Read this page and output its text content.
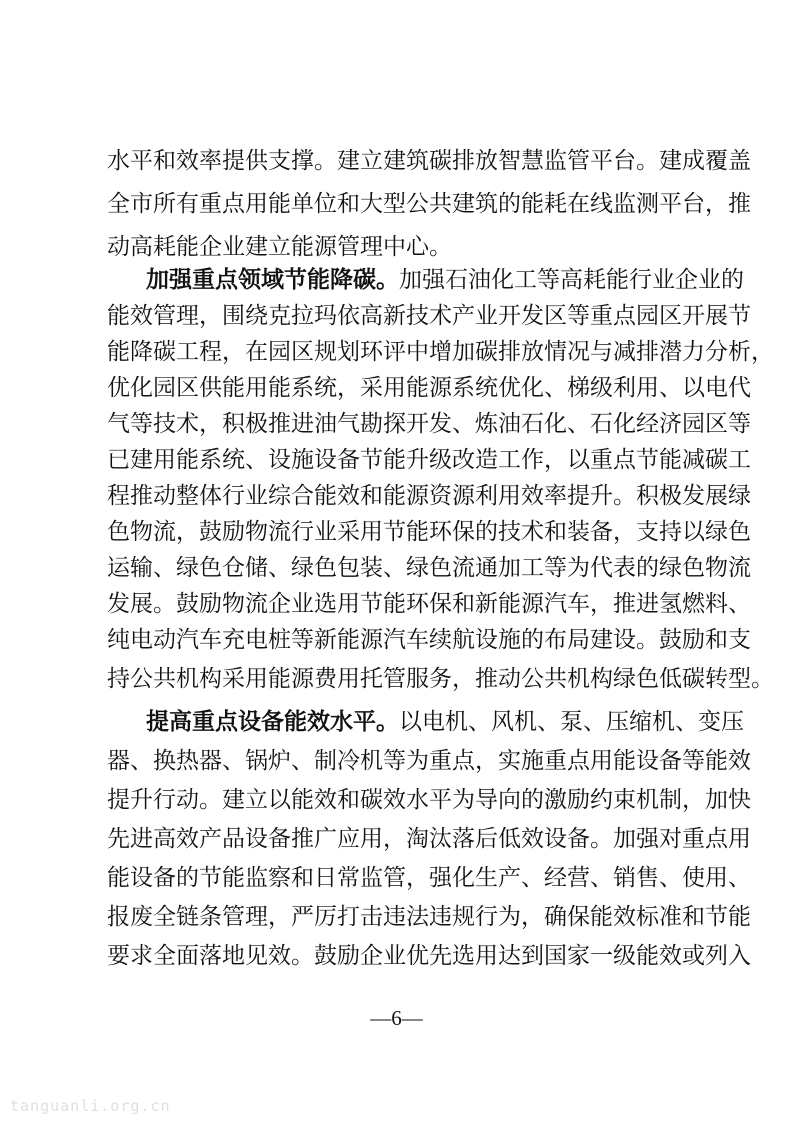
水平和效率提供支撑。建立建筑碳排放智慧监管平台。建成覆盖
全市所有重点用能单位和大型公共建筑的能耗在线监测平台，推
动高耗能企业建立能源管理中心。
加强重点领域节能降碳。加强石油化工等高耗能行业企业的
能效管理，围绕克拉玛依高新技术产业开发区等重点园区开展节
能降碳工程，在园区规划环评中增加碳排放情况与减排潜力分析，
优化园区供能用能系统，采用能源系统优化、梯级利用、以电代
气等技术，积极推进油气勘探开发、炼油石化、石化经济园区等
已建用能系统、设施设备节能升级改造工作，以重点节能减碳工
程推动整体行业综合能效和能源资源利用效率提升。积极发展绿
色物流，鼓励物流行业采用节能环保的技术和装备，支持以绿色
运输、绿色仓储、绿色包装、绿色流通加工等为代表的绿色物流
发展。鼓励物流企业选用节能环保和新能源汽车，推进氢燃料、
纯电动汽车充电桩等新能源汽车续航设施的布局建设。鼓励和支
持公共机构采用能源费用托管服务，推动公共机构绿色低碳转型。
提高重点设备能效水平。以电机、风机、泵、压缩机、变压
器、换热器、锅炉、制冷机等为重点，实施重点用能设备等能效
提升行动。建立以能效和碳效水平为导向的激励约束机制，加快
先进高效产品设备推广应用，淘汰落后低效设备。加强对重点用
能设备的节能监察和日常监管，强化生产、经营、销售、使用、
报废全链条管理，严厉打击违法违规行为，确保能效标准和节能
要求全面落地见效。鼓励企业优先选用达到国家一级能效或列入
—6—
tanguanli.org.cn
